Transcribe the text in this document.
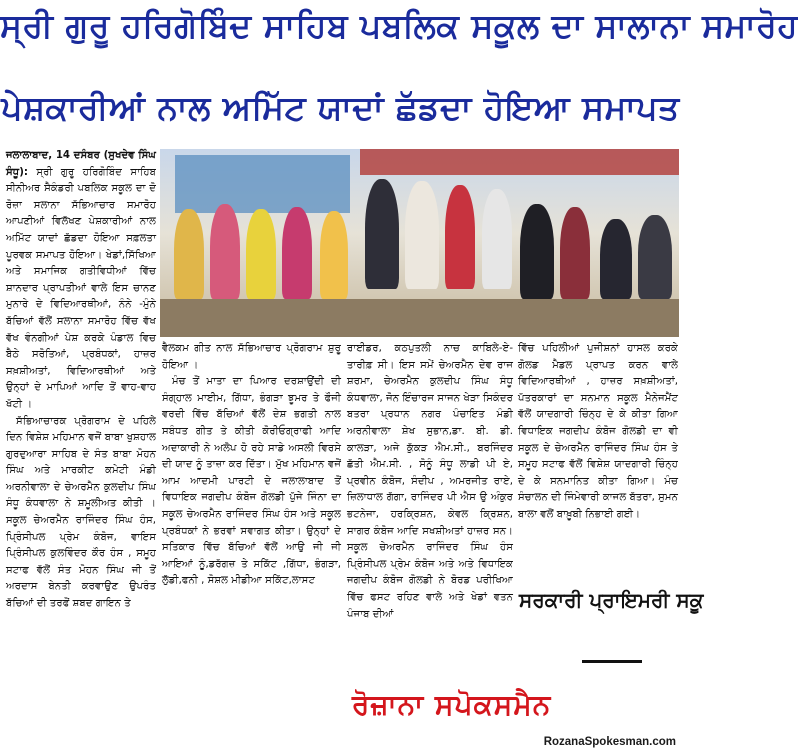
ਸ੍ਰੀ ਗੁਰੂ ਹਰਿਗੋਬਿੰਦ ਸਾਹਿਬ ਪਬਲਿਕ ਸਕੂਲ ਦਾ ਸਾਲਾਨਾ ਸਮਾਰੋਹ
ਪੇਸ਼ਕਾਰੀਆਂ ਨਾਲ ਅਮਿੱਟ ਯਾਦਾਂ ਛੱਡਦਾ ਹੋਇਆ ਸਮਾਪਤ

ਜਲਾਲਾਬਾਦ, 14 ਦਸੰਬਰ (ਸੁਖਦੇਵ ਸਿੰਘ ਸੰਧੂ): ਸ੍ਰੀ ਗੁਰੂ ਹਰਿਗੋਬਿੰਦ ਸਾਹਿਬ ਸੀਨੀਅਰ ਸੈਕੰਡਰੀ ਪਬਲਿਕ ਸਕੂਲ ਦਾ ਦੋ ਰੋਜ਼ਾ ਸਲਾਨਾ ਸੱਭਿਆਚਾਰ ਸਮਾਰੋਹ ਆਪਣੀਆਂ ਵਿਲੱਖਣ ਪੇਸ਼ਕਾਰੀਆਂ ਨਾਲ ਅਮਿੱਟ ਯਾਦਾਂ ਛੱਡਦਾ ਹੋਇਆ ਸਫ਼ਲਤਾ ਪੂਰਵਕ ਸਮਾਪਤ ਹੋਇਆ। ਖੇਡਾਂ,ਸਿੱਖਿਆ ਅਤੇ ਸਮਾਜਿਕ ਗਤੀਵਿਧੀਆਂ ਵਿੱਚ ਸ਼ਾਨਦਾਰ ਪ੍ਰਾਪਤੀਆਂ ਵਾਲੇ ਇਸ ਚਾਨਣ ਮੁਨਾਰੇ ਦੇ ਵਿਦਿਆਰਥੀਆਂ, ਨੰਨੇ -ਮੁੰਨੇ ਬੱਚਿਆਂ ਵੱਲੋਂ ਸਲਾਨਾ ਸਮਾਰੋਹ ਵਿੱਚ ਵੱਖ ਵੱਖ ਵੰਨਗੀਆਂ ਪੇਸ਼ ਕਰਕੇ ਪੰਡਾਲ ਵਿਚ ਬੈਠੇ ਸਰੋਤਿਆਂ, ਪ੍ਰਬੰਧਕਾਂ, ਹਾਜ਼ਰ ਸਖ਼ਸ਼ੀਅਤਾਂ, ਵਿਦਿਆਰਥੀਆਂ ਅਤੇ ਉਨ੍ਹਾਂ ਦੇ ਮਾਪਿਆਂ ਆਦਿ ਤੋਂ ਵਾਹ-ਵਾਹ ਖੱਟੀ ।

ਸੱਭਿਆਚਾਰਕ ਪ੍ਰੋਗਰਾਮ ਦੇ ਪਹਿਲੇ ਦਿਨ ਵਿਸ਼ੇਸ਼ ਮਹਿਮਾਨ ਵਜੋਂ ਬਾਬਾ ਖੁਸ਼ਹਾਲ ਗੁਰਦੁਆਰਾ ਸਾਹਿਬ ਦੇ ਸੰਤ ਬਾਬਾ ਮੋਹਨ ਸਿੰਘ ਅਤੇ ਮਾਰਕੀਟ ਕਮੇਟੀ ਮੰਡੀ ਅਰਨੀਵਾਲਾ ਦੇ ਚੇਅਰਮੈਨ ਕੁਲਦੀਪ ਸਿੰਘ ਸੰਧੂ ਕੰਧਵਾਲਾ ਨੇ ਸ਼ਮੂਲੀਅਤ ਕੀਤੀ । ਸਕੂਲ ਚੇਅਰਮੈਨ ਰਾਜਿੰਦਰ ਸਿੰਘ ਹੰਸ, ਪ੍ਰਿੰਸੀਪਲ ਪ੍ਰੇਮ ਕੰਬੋਜ, ਵਾਇਸ ਪ੍ਰਿੰਸੀਪਲ ਕੁਲਵਿੰਦਰ ਕੌਰ ਹੰਸ , ਸਮੂਹ ਸਟਾਫ ਵੱਲੋਂ ਸੰਤ ਮੋਹਨ ਸਿੰਘ ਜੀ ਤੋਂ ਅਰਦਾਸ ਬੇਨਤੀ ਕਰਵਾਉਣ ਉਪਰੰਤ ਬੱਚਿਆਂ ਦੀ ਤਰਫੋਂ ਸ਼ਬਦ ਗਾਇਨ ਤੇ

ਵੈਲਕਮ ਗੀਤ ਨਾਲ ਸੱਭਿਆਚਾਰ ਪ੍ਰੋਗਰਾਮ ਸ਼ੁਰੂ ਹੋਇਆ ।

ਮੰਚ ਤੋਂ ਮਾਤਾ ਦਾ ਪਿਆਰ ਦਰਸ਼ਾਉਂਦੀ ਦੀ ਸੰਗ੍ਹਾਲ ਮਾਈਮ, ਗਿੱਧਾ, ਭੰਗੜਾ ਝੂਮਰ ਤੇ ਫੌਜੀ ਵਰਦੀ ਵਿੱਚ ਬੱਚਿਆਂ ਵੱਲੋਂ ਦੇਸ਼ ਭਗਤੀ ਨਾਲ ਸਬੰਧਤ ਗੀਤ ਤੇ ਕੀਤੀ ਕੋਰੀਓਗ੍ਰਾਫੀ ਆਦਿ ਅਦਾਕਾਰੀ ਨੇ ਅਲੋਪ ਹੋ ਰਹੇ ਸਾਡੇ ਅਸਲੀ ਵਿਰਸੇ ਦੀ ਯਾਦ ਨੂੰ ਤਾਜ਼ਾ ਕਰ ਦਿੱਤਾ। ਮੁੱਖ ਮਹਿਮਾਨ ਵਜੋਂ ਆਮ ਆਦਮੀ ਪਾਰਟੀ ਦੇ ਜਲਾਲਾਬਾਦ ਤੋਂ ਵਿਧਾਇਕ ਜਗਦੀਪ ਕੰਬੋਜ ਗੋਲਡੀ ਪੁੱਜੇ ਜਿੰਨਾ ਦਾ ਸਕੂਲ ਚੇਅਰਮੈਨ ਰਾਜਿੰਦਰ ਸਿੰਘ ਹੰਸ ਅਤੇ ਸਕੂਲ ਪ੍ਰਬੰਧਕਾਂ ਨੇ ਭਰਵਾਂ ਸਵਾਗਤ ਕੀਤਾ। ਉਨ੍ਹਾਂ ਦੇ ਸਤਿਕਾਰ ਵਿੱਚ ਬੱਚਿਆਂ ਵੱਲੋਂ ਆਉ ਜੀ ਜੀ ਆਇਆਂ ਨੂੰ,ਡਰੱਗਜ਼ ਤੇ ਸਕਿੱਟ ,ਗਿੱਧਾ, ਭੰਗੜਾ, ਲੁੱਡੀ,ਫਨੀ , ਸੋਸ਼ਲ ਮੀਡੀਆ ਸਕਿੱਟ,ਲਾਸਟ

ਰਾਈਡਰ, ਕਠਪੁਤਲੀ ਨਾਚ ਕਾਬਿਲੇ-ਏ- ਤਾਰੀਫ਼ ਸੀ। ਇਸ ਸਮੇਂ ਚੇਅਰਮੈਨ ਦੇਵ ਰਾਜ ਸ਼ਰਮਾ, ਚੇਅਰਮੈਨ ਕੁਲਦੀਪ ਸਿੰਘ ਸੰਧੂ ਕੰਧਵਾਲਾ, ਜੋਨ ਇੰਚਾਰਜ ਸਾਜਨ ਖੇੜਾ ਸਿਕੰਦਰ ਬਤਰਾ ਪ੍ਰਧਾਨ ਨਗਰ ਪੰਚਾਇਤ ਮੰਡੀ ਅਰਨੀਵਾਲਾ ਸ਼ੇਖ ਸੁਭਾਨ,ਡਾ. ਬੀ. ਡੀ. ਕਾਲੜਾ, ਅਜੇ ਕੁੱਕੜ ਐਮ.ਸੀ., ਬਰਜਿੰਦਰ ਛੱਤੀ ਐਮ.ਸੀ. , ਸੋਨੂੰ ਸੰਧੂ ਲਾਡੀ ਪੀ ਏ, ਪ੍ਰਵੀਨ ਕੰਬੋਜ, ਸੰਦੀਪ , ਅਮਰਜੀਤ ਰਾਏ, ਜ਼ਿਲਾਧਾਲ ਗੱਗਾ, ਰਾਜਿੰਦਰ ਪੀ ਐਸ ਉ ਅੰਕੁਰ ਭਟਨੇਜਾ, ਹਰਕ੍ਰਿਸ਼ਨ, ਕੇਵਲ ਕ੍ਰਿਸ਼ਨ, ਸਾਗਰ ਕੰਬੋਜ ਆਦਿ ਸਖਸ਼ੀਅਤਾਂ ਹਾਜ਼ਰ ਸਨ। ਸਕੂਲ ਚੇਅਰਮੈਨ ਰਾਜਿੰਦਰ ਸਿੰਘ ਹੰਸ ਪ੍ਰਿੰਸੀਪਲ ਪ੍ਰੇਮ ਕੰਬੋਜ ਅਤੇ ਅਤੇ ਵਿਧਾਇਕ ਜਗਦੀਪ ਕੰਬੋਜ ਗੋਲਡੀ ਨੇ ਬੋਰਡ ਪਰੀਖਿਆ ਵਿੱਚ ਫਸਟ ਰਹਿਣ ਵਾਲੇ ਅਤੇ ਖੇਡਾਂ ਵਤਨ ਪੰਜਾਬ ਦੀਆਂ

ਵਿੱਚ ਪਹਿਲੀਆਂ ਪੁਜੀਸ਼ਨਾਂ ਹਾਸਲ ਕਰਕੇ ਗੋਲਡ ਮੈਡਲ ਪ੍ਰਾਪਤ ਕਰਨ ਵਾਲੇ ਵਿਦਿਆਰਥੀਆਂ , ਹਾਜ਼ਰ ਸਖ਼ਸ਼ੀਅਤਾਂ, ਪੱਤਰਕਾਰਾਂ ਦਾ ਸਨਮਾਨ ਸਕੂਲ ਮੈਨੇਜਮੈਂਟ ਵੱਲੋਂ ਯਾਦਗਾਰੀ ਚਿੰਨ੍ਹ ਦੇ ਕੇ ਕੀਤਾ ਗਿਆ ਵਿਧਾਇਕ ਜਗਦੀਪ ਕੰਬੋਜ ਗੋਲਡੀ ਦਾ ਵੀ ਸਕੂਲ ਦੇ ਚੇਅਰਮੈਨ ਰਾਜਿੰਦਰ ਸਿੰਘ ਹੰਸ ਤੇ ਸਮੂਹ ਸਟਾਫ ਵੱਲੋਂ ਵਿਸ਼ੇਸ਼ ਯਾਦਗਾਰੀ ਚਿੰਨ੍ਹ ਦੇ ਕੇ ਸਨਮਾਨਿਤ ਕੀਤਾ ਗਿਆ। ਮੰਚ ਸੰਚਾਲਨ ਦੀ ਜਿੰਮੇਵਾਰੀ ਕਾਜਲ ਬੱਤਰਾ, ਸੁਮਨ ਬਾਲਾ ਵਲੋਂ ਬਾਖ਼ੂਬੀ ਨਿਭਾਈ ਗਈ।

ਸਰਕਾਰੀ ਪ੍ਰਾਇਮਰੀ ਸਕੂ
ਰੋਜ਼ਾਨਾ ਸਪੋਕਸਮੈਨ
RozanaSpokesman.com
